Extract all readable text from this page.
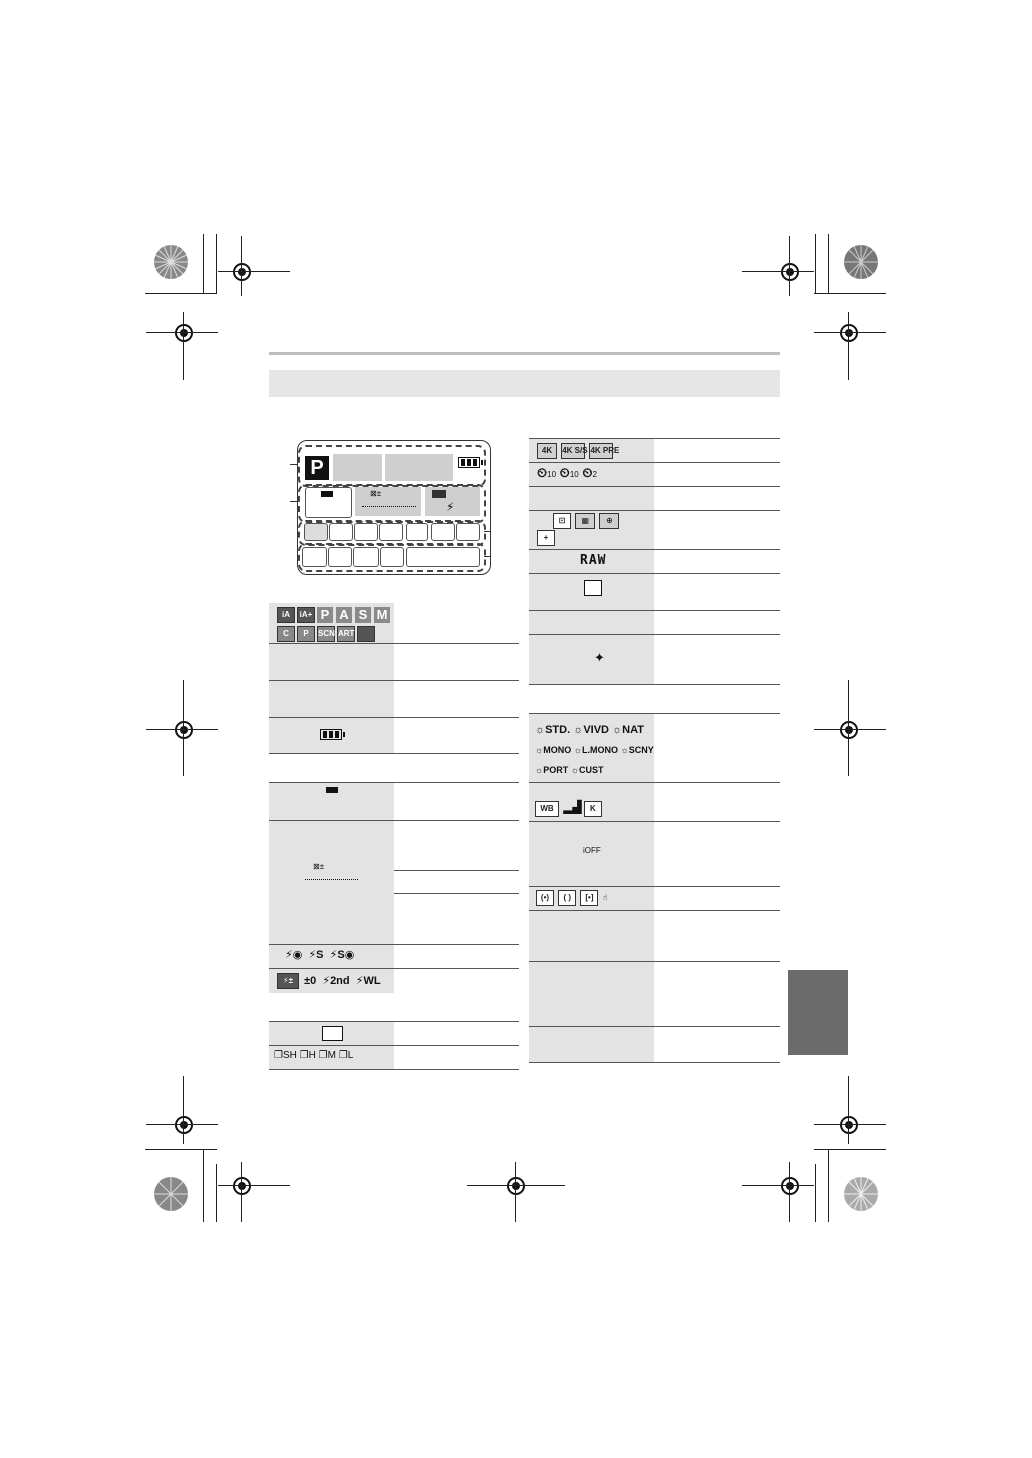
P
⊠±
⚡
iA iA+ P A S M
C P SCN ART
⊠±
⚡◉ ⚡S ⚡S◉
⚡± ±0 ⚡2nd ⚡WL
❐SH ❐H ❐M ❐L
4K 4K S/S 4K PRE
⏲10 ⏲10 ⏲2
⊡ ▦ ⊕
+
RAW
✦
☼STD. ☼VIVD ☼NAT
☼MONO ☼L.MONO ☼SCNY
☼PORT ☼CUST
WB ▂▟ K
iOFF
(•) ( ) [•] ☝
